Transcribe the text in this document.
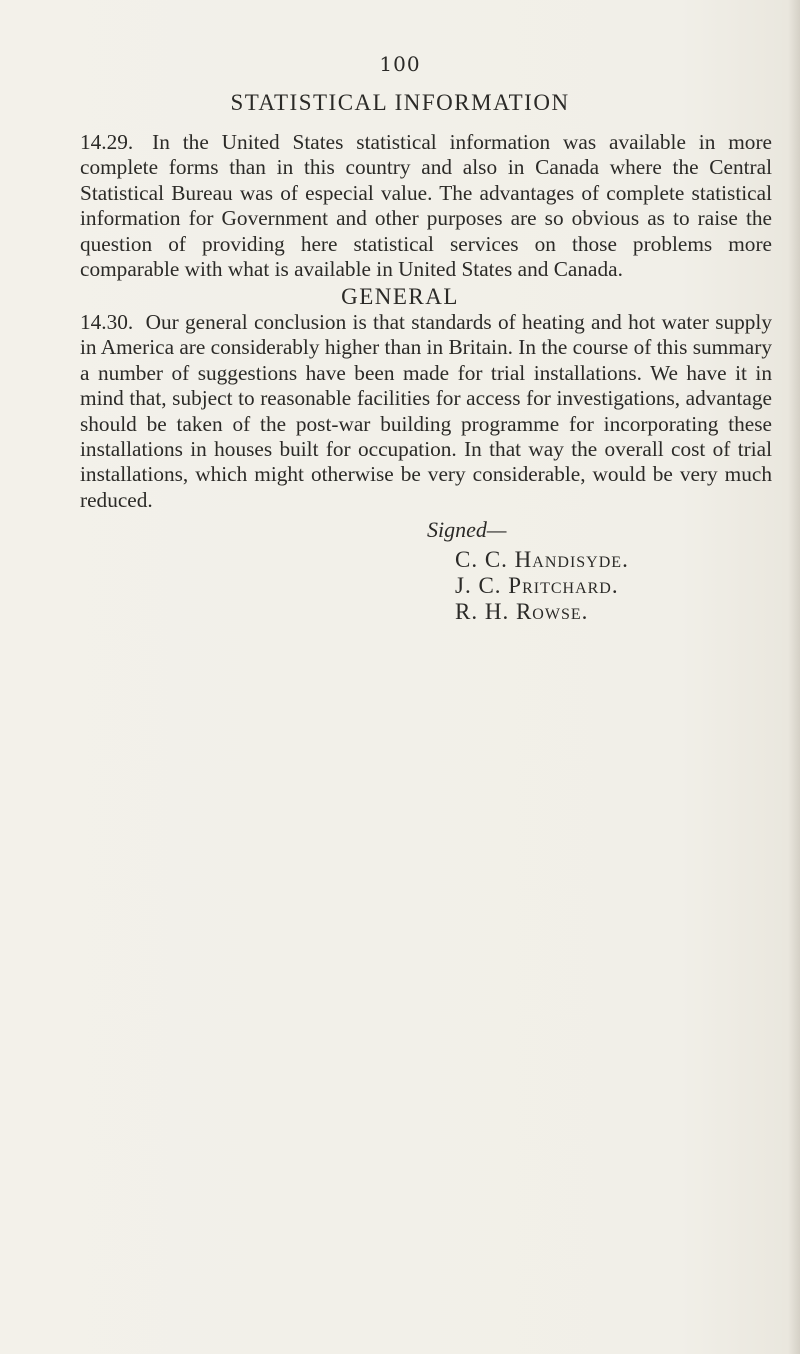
100
STATISTICAL INFORMATION

14.29. In the United States statistical information was available in more complete forms than in this country and also in Canada where the Central Statistical Bureau was of especial value. The advantages of complete statistical information for Government and other purposes are so obvious as to raise the question of providing here statistical services on those problems more comparable with what is available in United States and Canada.

GENERAL

14.30. Our general conclusion is that standards of heating and hot water supply in America are considerably higher than in Britain. In the course of this summary a number of suggestions have been made for trial installations. We have it in mind that, subject to reasonable facilities for access for investigations, advantage should be taken of the post-war building programme for incorporating these installations in houses built for occupation. In that way the overall cost of trial installations, which might otherwise be very considerable, would be very much reduced.

Signed—
C. C. Handisyde.
J. C. Pritchard.
R. H. Rowse.
